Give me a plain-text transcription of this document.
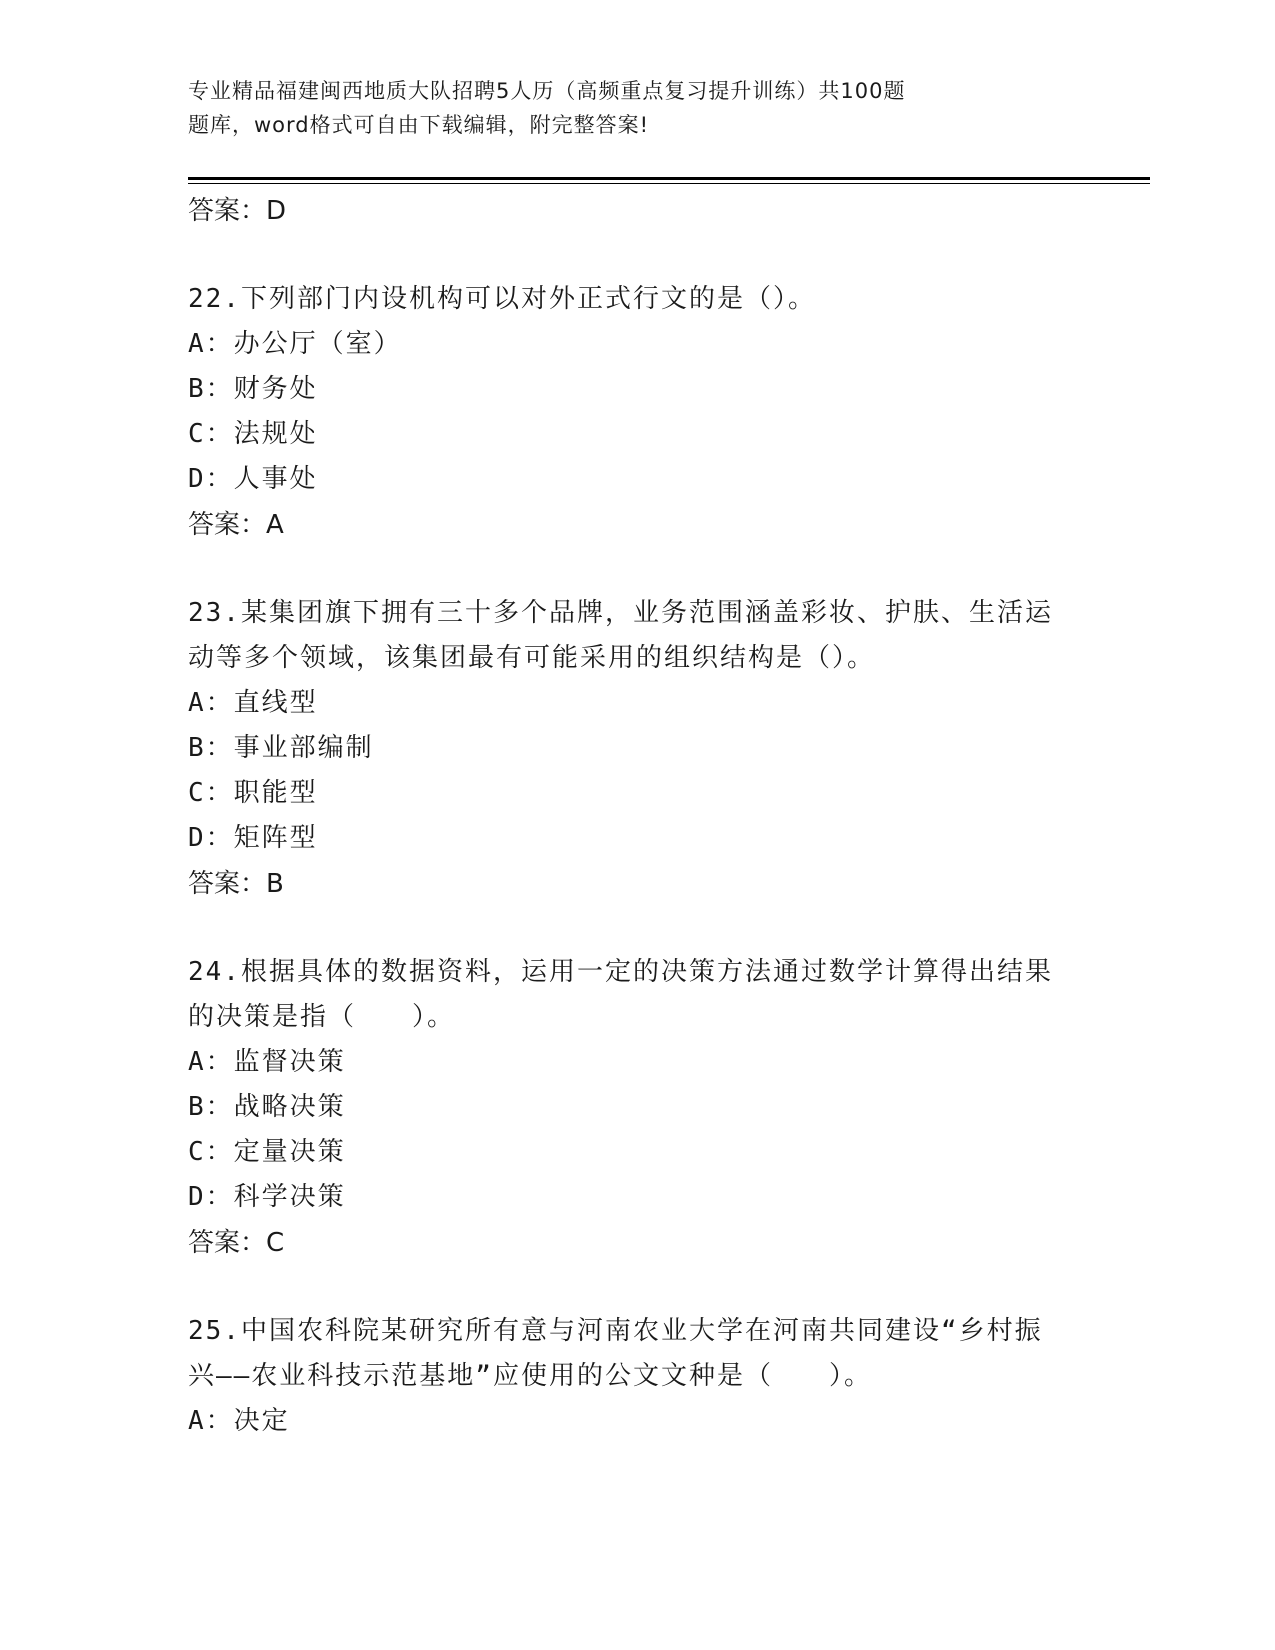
专业精品福建闽西地质大队招聘5人历（高频重点复习提升训练）共100题
题库，word格式可自由下载编辑，附完整答案!
答案：D
22.下列部门内设机构可以对外正式行文的是（）。
A：办公厅（室）
B：财务处
C：法规处
D：人事处
答案：A
23.某集团旗下拥有三十多个品牌，业务范围涵盖彩妆、护肤、生活运
动等多个领域，该集团最有可能采用的组织结构是（）。
A：直线型
B：事业部编制
C：职能型
D：矩阵型
答案：B
24.根据具体的数据资料，运用一定的决策方法通过数学计算得出结果
的决策是指（　　）。
A：监督决策
B：战略决策
C：定量决策
D：科学决策
答案：C
25.中国农科院某研究所有意与河南农业大学在河南共同建设“乡村振
兴——农业科技示范基地”应使用的公文文种是（　　）。
A：决定
